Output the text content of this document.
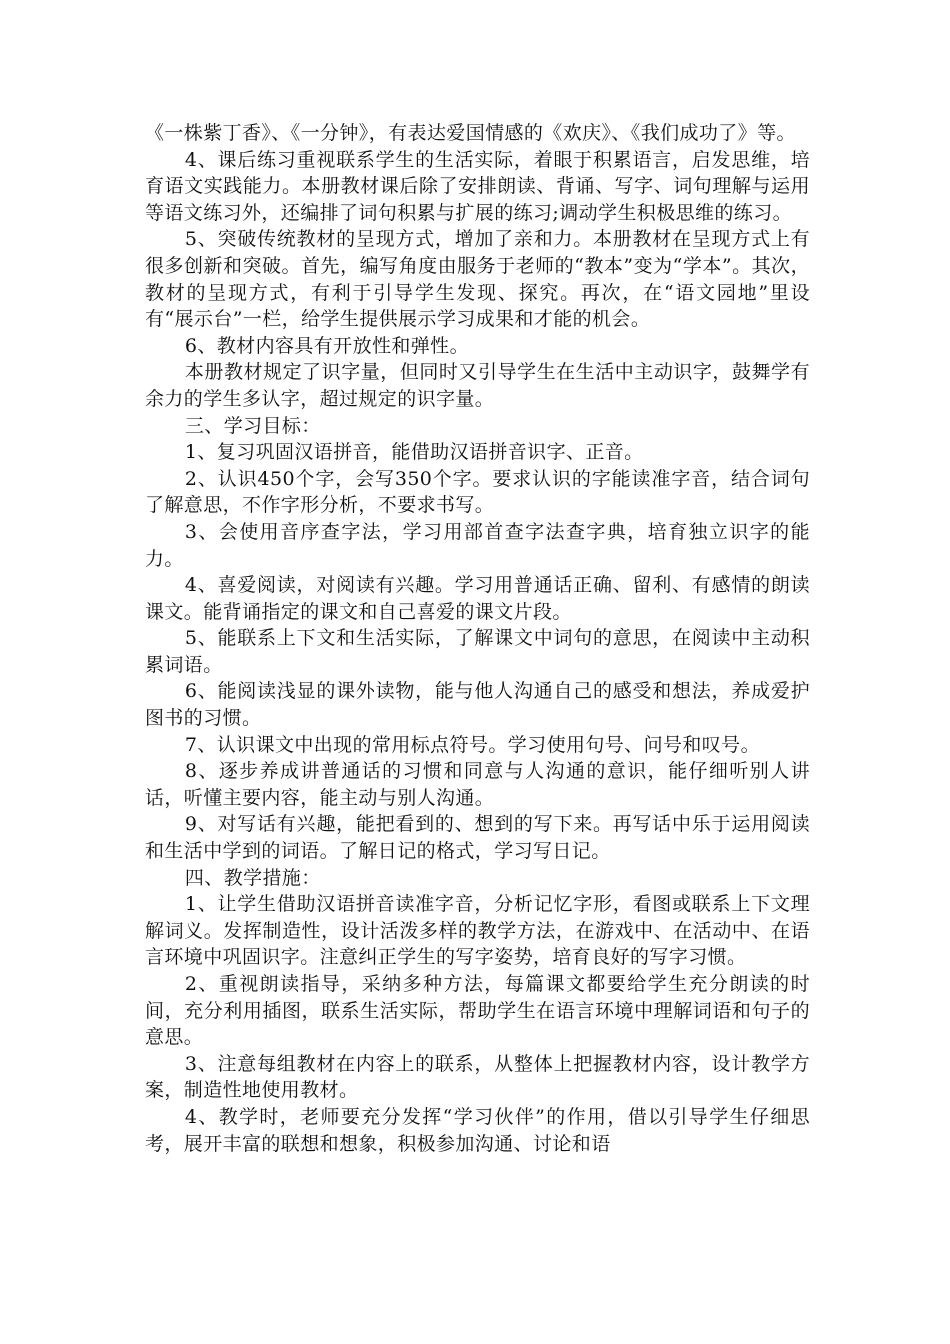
《一株紫丁香》、《一分钟》，有表达爱国情感的《欢庆》、《我们成功了》等。

4、课后练习重视联系学生的生活实际，着眼于积累语言，启发思维，培育语文实践能力。本册教材课后除了安排朗读、背诵、写字、词句理解与运用等语文练习外，还编排了词句积累与扩展的练习;调动学生积极思维的练习。

5、突破传统教材的呈现方式，增加了亲和力。本册教材在呈现方式上有很多创新和突破。首先，编写角度由服务于老师的“教本”变为“学本”。其次，教材的呈现方式，有利于引导学生发现、探究。再次，在“语文园地”里设有“展示台”一栏，给学生提供展示学习成果和才能的机会。

6、教材内容具有开放性和弹性。

本册教材规定了识字量，但同时又引导学生在生活中主动识字，鼓舞学有余力的学生多认字，超过规定的识字量。

三、学习目标：

1、复习巩固汉语拼音，能借助汉语拼音识字、正音。

2、认识450个字，会写350个字。要求认识的字能读准字音，结合词句了解意思，不作字形分析，不要求书写。

3、会使用音序查字法，学习用部首查字法查字典，培育独立识字的能力。

4、喜爱阅读，对阅读有兴趣。学习用普通话正确、留利、有感情的朗读课文。能背诵指定的课文和自己喜爱的课文片段。

5、能联系上下文和生活实际，了解课文中词句的意思，在阅读中主动积累词语。

6、能阅读浅显的课外读物，能与他人沟通自己的感受和想法，养成爱护图书的习惯。

7、认识课文中出现的常用标点符号。学习使用句号、问号和叹号。

8、逐步养成讲普通话的习惯和同意与人沟通的意识，能仔细听别人讲话，听懂主要内容，能主动与别人沟通。

9、对写话有兴趣，能把看到的、想到的写下来。再写话中乐于运用阅读和生活中学到的词语。了解日记的格式，学习写日记。

四、教学措施：

1、让学生借助汉语拼音读准字音，分析记忆字形，看图或联系上下文理解词义。发挥制造性，设计活泼多样的教学方法，在游戏中、在活动中、在语言环境中巩固识字。注意纠正学生的写字姿势，培育良好的写字习惯。

2、重视朗读指导，采纳多种方法，每篇课文都要给学生充分朗读的时间，充分利用插图，联系生活实际，帮助学生在语言环境中理解词语和句子的意思。

3、注意每组教材在内容上的联系，从整体上把握教材内容，设计教学方案，制造性地使用教材。

4、教学时，老师要充分发挥“学习伙伴”的作用，借以引导学生仔细思考，展开丰富的联想和想象，积极参加沟通、讨论和语
